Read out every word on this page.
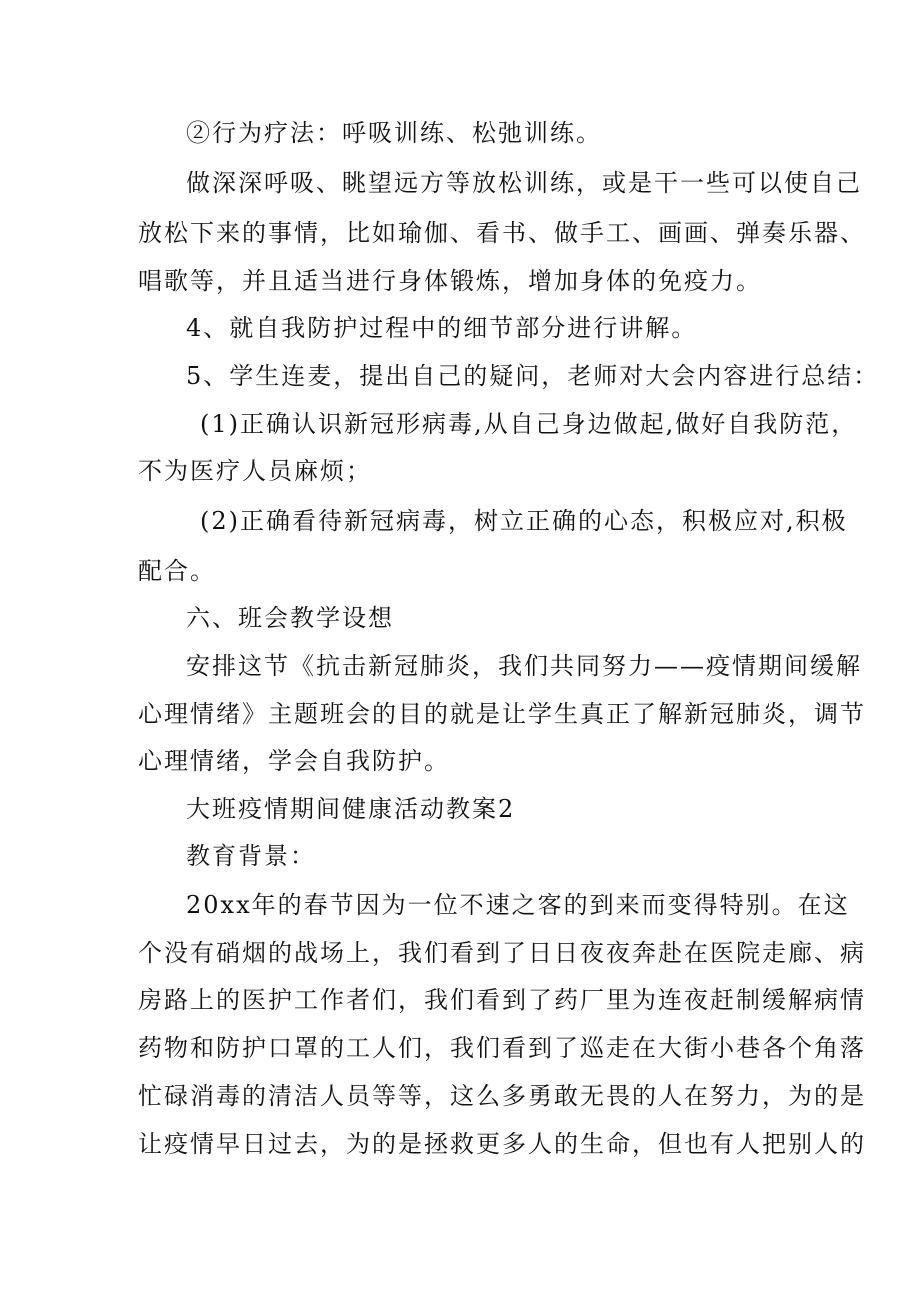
②行为疗法：呼吸训练、松弛训练。
做深深呼吸、眺望远方等放松训练，或是干一些可以使自己
放松下来的事情，比如瑜伽、看书、做手工、画画、弹奏乐器、
唱歌等，并且适当进行身体锻炼，增加身体的免疫力。
4、就自我防护过程中的细节部分进行讲解。
5、学生连麦，提出自己的疑问，老师对大会内容进行总结：
(1)正确认识新冠形病毒,从自己身边做起,做好自我防范，
不为医疗人员麻烦；
(2)正确看待新冠病毒，树立正确的心态，积极应对,积极
配合。
六、班会教学设想
安排这节《抗击新冠肺炎，我们共同努力——疫情期间缓解
心理情绪》主题班会的目的就是让学生真正了解新冠肺炎，调节
心理情绪，学会自我防护。
大班疫情期间健康活动教案2
教育背景：
20xx年的春节因为一位不速之客的到来而变得特别。在这
个没有硝烟的战场上，我们看到了日日夜夜奔赴在医院走廊、病
房路上的医护工作者们，我们看到了药厂里为连夜赶制缓解病情
药物和防护口罩的工人们，我们看到了巡走在大街小巷各个角落
忙碌消毒的清洁人员等等，这么多勇敢无畏的人在努力，为的是
让疫情早日过去，为的是拯救更多人的生命，但也有人把别人的
